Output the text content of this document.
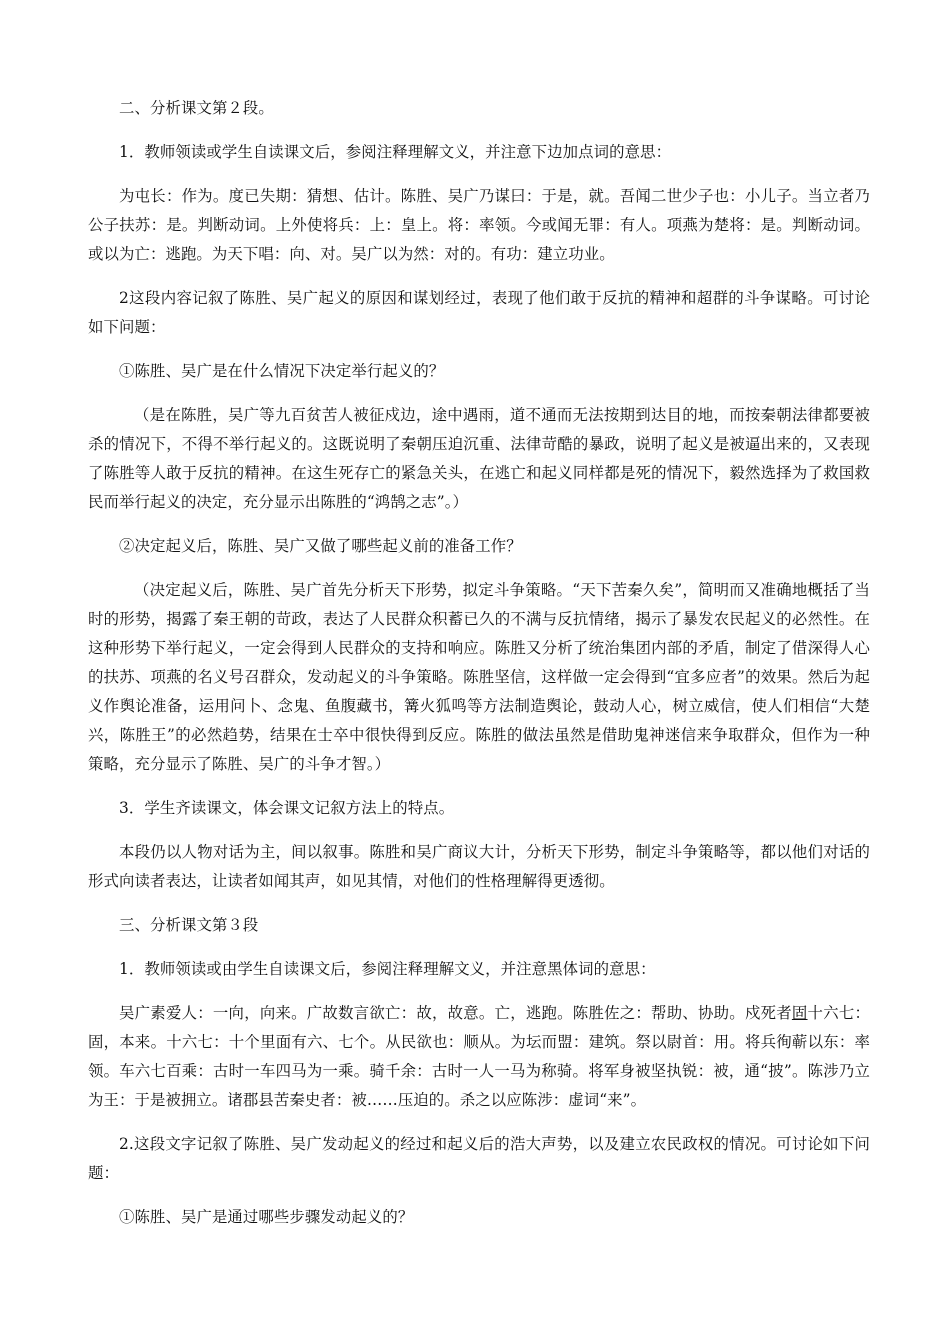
二、分析课文第２段。

1．教师领读或学生自读课文后，参阅注释理解文义，并注意下边加点词的意思：

为屯长：作为。度已失期：猜想、估计。陈胜、吴广乃谋曰：于是，就。吾闻二世少子也：小儿子。当立者乃公子扶苏：是。判断动词。上外使将兵：上：皇上。将：率领。今或闻无罪：有人。项燕为楚将：是。判断动词。或以为亡：逃跑。为天下唱：向、对。吴广以为然：对的。有功：建立功业。

2这段内容记叙了陈胜、吴广起义的原因和谋划经过，表现了他们敢于反抗的精神和超群的斗争谋略。可讨论如下问题：

①陈胜、吴广是在什么情况下决定举行起义的？

（是在陈胜，吴广等九百贫苦人被征戍边，途中遇雨，道不通而无法按期到达目的地，而按秦朝法律都要被杀的情况下，不得不举行起义的。这既说明了秦朝压迫沉重、法律苛酷的暴政，说明了起义是被逼出来的，又表现了陈胜等人敢于反抗的精神。在这生死存亡的紧急关头，在逃亡和起义同样都是死的情况下，毅然选择为了救国救民而举行起义的决定，充分显示出陈胜的“鸿鹄之志”。）

②决定起义后，陈胜、吴广又做了哪些起义前的准备工作？

（决定起义后，陈胜、吴广首先分析天下形势，拟定斗争策略。“天下苦秦久矣”，简明而又准确地概括了当时的形势，揭露了秦王朝的苛政，表达了人民群众积蓄已久的不满与反抗情绪，揭示了暴发农民起义的必然性。在这种形势下举行起义，一定会得到人民群众的支持和响应。陈胜又分析了统治集团内部的矛盾，制定了借深得人心的扶苏、项燕的名义号召群众，发动起义的斗争策略。陈胜坚信，这样做一定会得到“宜多应者”的效果。然后为起义作舆论准备，运用问卜、念鬼、鱼腹藏书，篝火狐鸣等方法制造舆论，鼓动人心，树立威信，使人们相信“大楚兴，陈胜王”的必然趋势，结果在士卒中很快得到反应。陈胜的做法虽然是借助鬼神迷信来争取群众，但作为一种策略，充分显示了陈胜、吴广的斗争才智。）

3．学生齐读课文，体会课文记叙方法上的特点。

本段仍以人物对话为主，间以叙事。陈胜和吴广商议大计，分析天下形势，制定斗争策略等，都以他们对话的形式向读者表达，让读者如闻其声，如见其情，对他们的性格理解得更透彻。

三、分析课文第３段

1．教师领读或由学生自读课文后，参阅注释理解文义，并注意黑体词的意思：

吴广素爱人：一向，向来。广故数言欲亡：故，故意。亡，逃跑。陈胜佐之：帮助、协助。戍死者固十六七：固，本来。十六七：十个里面有六、七个。从民欲也：顺从。为坛而盟：建筑。祭以尉首：用。将兵徇蕲以东：率领。车六七百乘：古时一车四马为一乘。骑千余：古时一人一马为称骑。将军身被坚执锐：被，通“披”。陈涉乃立为王：于是被拥立。诸郡县苦秦史者：被……压迫的。杀之以应陈涉：虚词“来”。

2.这段文字记叙了陈胜、吴广发动起义的经过和起义后的浩大声势，以及建立农民政权的情况。可讨论如下问题：

①陈胜、吴广是通过哪些步骤发动起义的？
